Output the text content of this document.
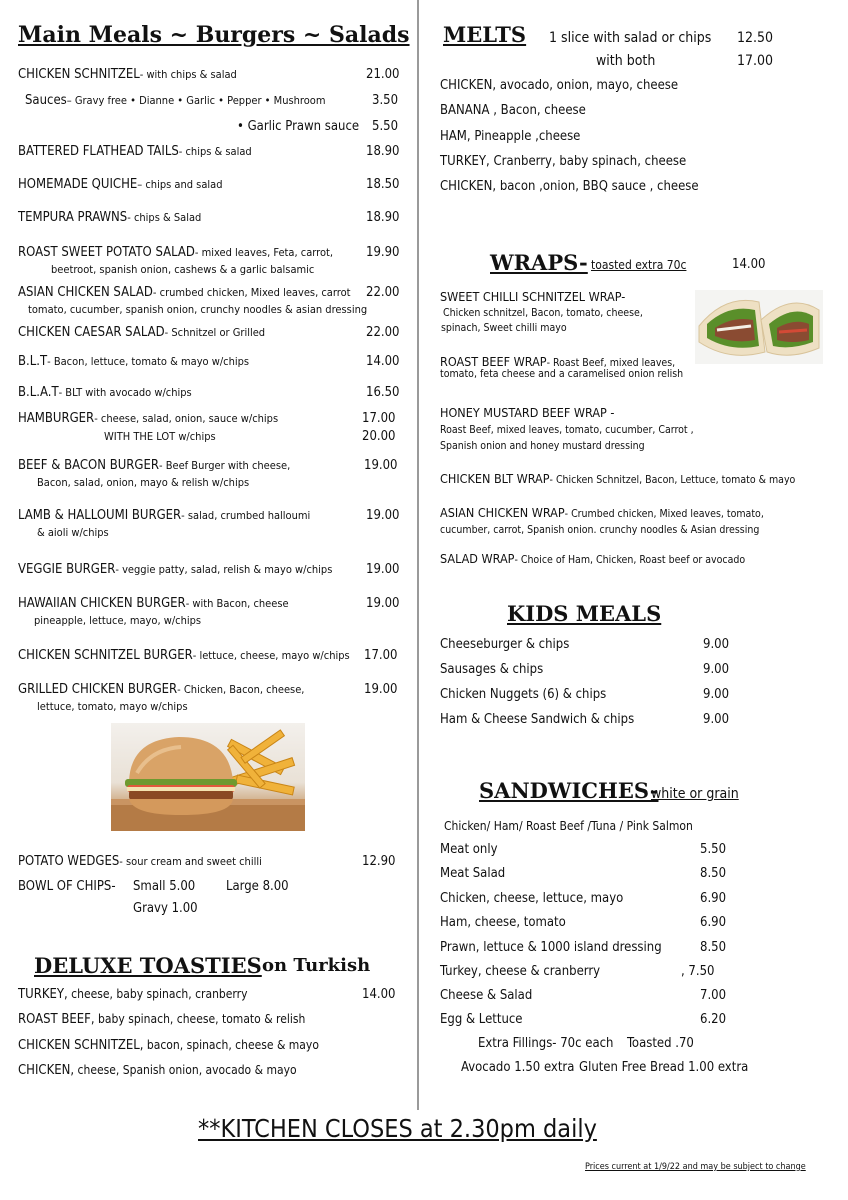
Main Meals ~ Burgers ~ Salads
CHICKEN SCHNITZEL- with chips & salad	21.00
Sauces– Gravy free • Dianne • Garlic • Pepper • Mushroom	3.50
• Garlic Prawn sauce 5.50
BATTERED FLATHEAD TAILS- chips & salad	18.90
HOMEMADE QUICHE– chips and salad	18.50
TEMPURA PRAWNS- chips & Salad	18.90
ROAST SWEET POTATO SALAD- mixed leaves, Feta, carrot,
beetroot, spanish onion, cashews & a garlic balsamic
19.90
ASIAN CHICKEN SALAD- crumbed chicken, Mixed leaves, carrot
tomato, cucumber, spanish onion, crunchy noodles & asian dressing
22.00
CHICKEN CAESAR SALAD- Schnitzel or Grilled	22.00
B.L.T- Bacon, lettuce, tomato & mayo w/chips	14.00
B.L.A.T- BLT with avocado w/chips	16.50
HAMBURGER- cheese, salad, onion, sauce w/chips	17.00
WITH THE LOT w/chips	20.00
BEEF & BACON BURGER- Beef Burger with cheese,
Bacon, salad, onion, mayo & relish w/chips
19.00
LAMB & HALLOUMI BURGER- salad, crumbed halloumi
& aioli w/chips
19.00
VEGGIE BURGER- veggie patty, salad, relish & mayo w/chips	19.00
HAWAIIAN CHICKEN BURGER- with Bacon, cheese
pineapple, lettuce, mayo, w/chips
19.00
CHICKEN SCHNITZEL BURGER- lettuce, cheese, mayo w/chips 17.00
GRILLED CHICKEN BURGER- Chicken, Bacon, cheese,
lettuce, tomato, mayo w/chips
19.00
POTATO WEDGES- sour cream and sweet chilli	12.90
BOWL OF CHIPS- Small 5.00 Large 8.00
Gravy 1.00
DELUXE TOASTIES on Turkish
TURKEY, cheese, baby spinach, cranberry	14.00
ROAST BEEF, baby spinach, cheese, tomato & relish
CHICKEN SCHNITZEL, bacon, spinach, cheese & mayo
CHICKEN, cheese, Spanish onion, avocado & mayo
MELTS 1 slice with salad or chips 12.50
with both	17.00
CHICKEN, avocado, onion, mayo, cheese
BANANA , Bacon, cheese
HAM, Pineapple ,cheese
TURKEY, Cranberry, baby spinach, cheese
CHICKEN, bacon ,onion, BBQ sauce , cheese
WRAPS- toasted extra 70c	14.00
SWEET CHILLI SCHNITZEL WRAP-
Chicken schnitzel, Bacon, tomato, cheese,
spinach, Sweet chilli mayo
ROAST BEEF WRAP- Roast Beef, mixed leaves,
tomato, feta cheese and a caramelised onion relish
HONEY MUSTARD BEEF WRAP -
Roast Beef, mixed leaves, tomato, cucumber, Carrot ,
Spanish onion and honey mustard dressing
CHICKEN BLT WRAP- Chicken Schnitzel, Bacon, Lettuce, tomato & mayo
ASIAN CHICKEN WRAP- Crumbed chicken, Mixed leaves, tomato,
cucumber, carrot, Spanish onion. crunchy noodles & Asian dressing
SALAD WRAP- Choice of Ham, Chicken, Roast beef or avocado
KIDS MEALS
Cheeseburger & chips	9.00
Sausages & chips	9.00
Chicken Nuggets (6) & chips	9.00
Ham & Cheese Sandwich & chips	9.00
SANDWICHES-
white or grain
Chicken/ Ham/ Roast Beef /Tuna / Pink Salmon
Meat only	5.50
Meat Salad	8.50
Chicken, cheese, lettuce, mayo	6.90
Ham, cheese, tomato	6.90
Prawn, lettuce & 1000 island dressing	8.50
Turkey, cheese & cranberry	, 7.50
Cheese & Salad	7.00
Egg & Lettuce	6.20
Extra Fillings- 70c each Toasted .70
Avocado 1.50 extra Gluten Free Bread 1.00 extra
**KITCHEN CLOSES at 2.30pm daily
Prices current at 1/9/22 and may be subject to change
